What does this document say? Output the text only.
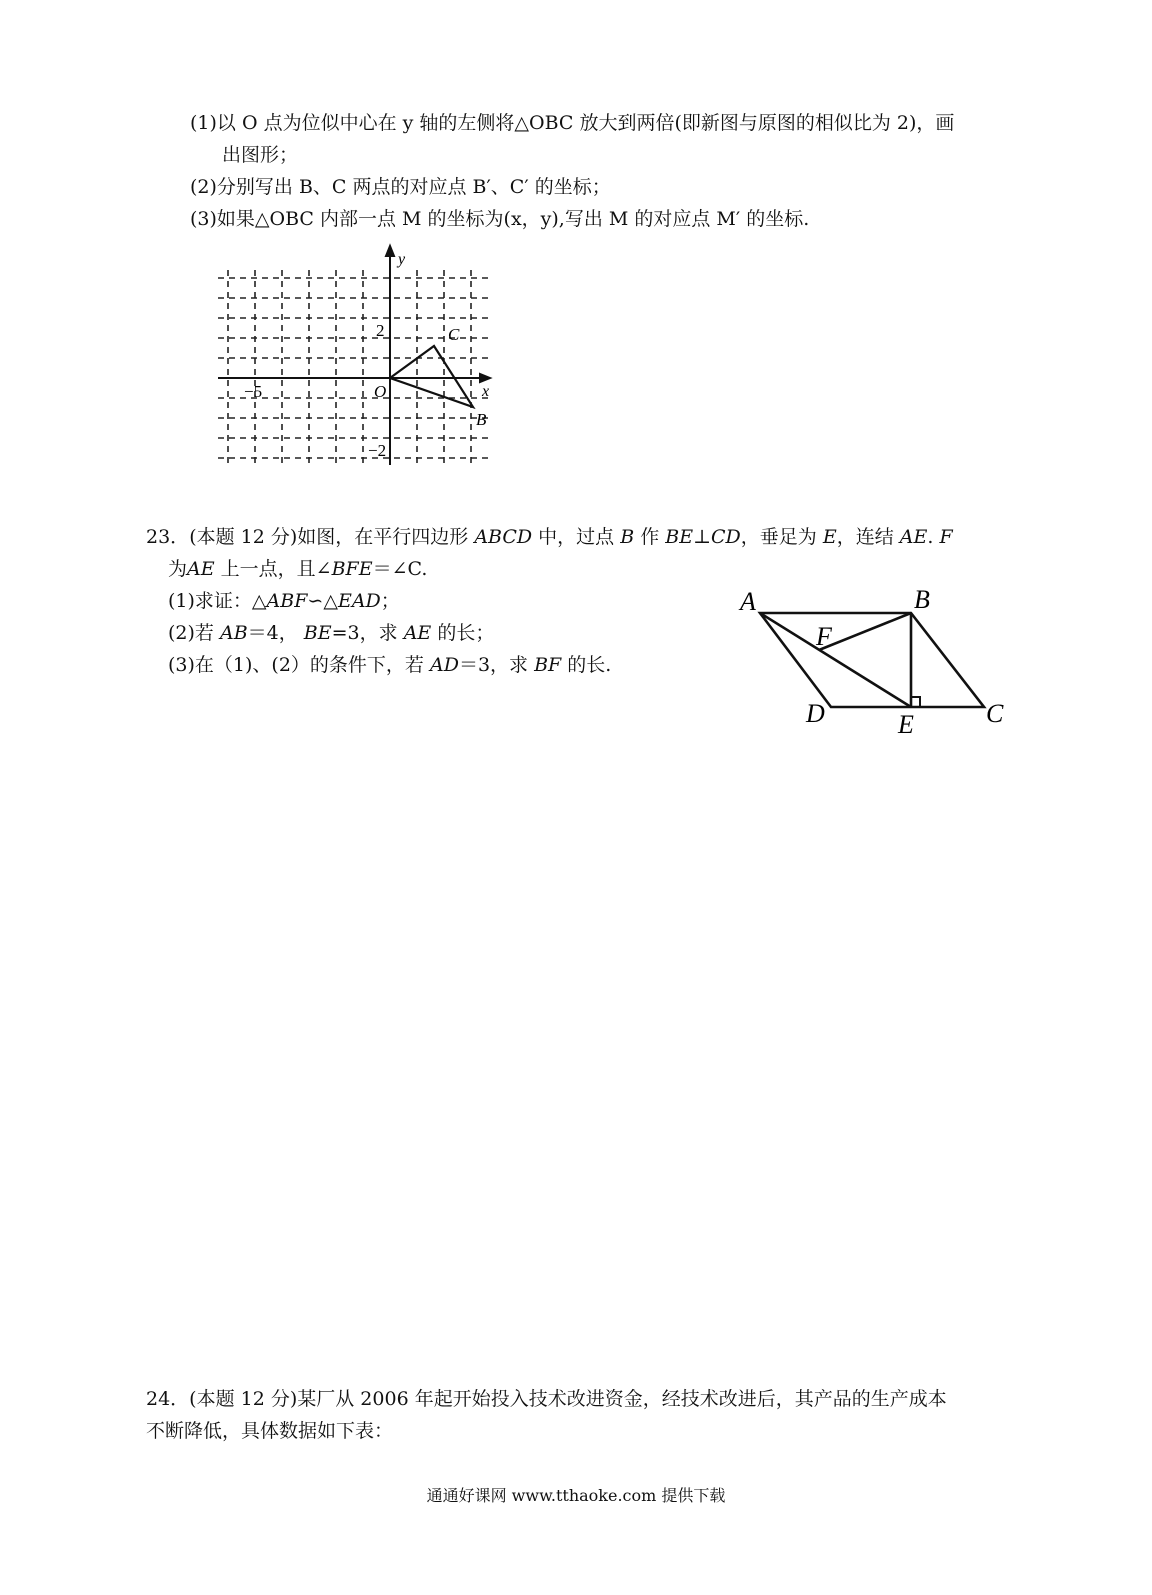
(1)以 O 点为位似中心在 y 轴的左侧将△OBC 放大到两倍(即新图与原图的相似比为 2)，画
出图形；
(2)分别写出 B、C 两点的对应点 B′、C′ 的坐标；
(3)如果△OBC 内部一点 M 的坐标为(x，y),写出 M 的对应点 M′ 的坐标.
y
x
O
−5
2
−2
C
B
23．(本题 12 分)如图，在平行四边形 ABCD 中，过点 B 作 BE⊥CD，垂足为 E，连结 AE. F
为AE 上一点，且∠BFE＝∠C.
(1)求证：△ABF∽△EAD；
(2)若 AB＝4， BE=3，求 AE 的长；
(3)在（1)、(2）的条件下，若 AD＝3，求 BF 的长.
A	B
C
D	E
F
24．(本题 12 分)某厂从 2006 年起开始投入技术改进资金，经技术改进后，其产品的生产成本
不断降低，具体数据如下表：
通通好课网 www.tthaoke.com 提供下载
